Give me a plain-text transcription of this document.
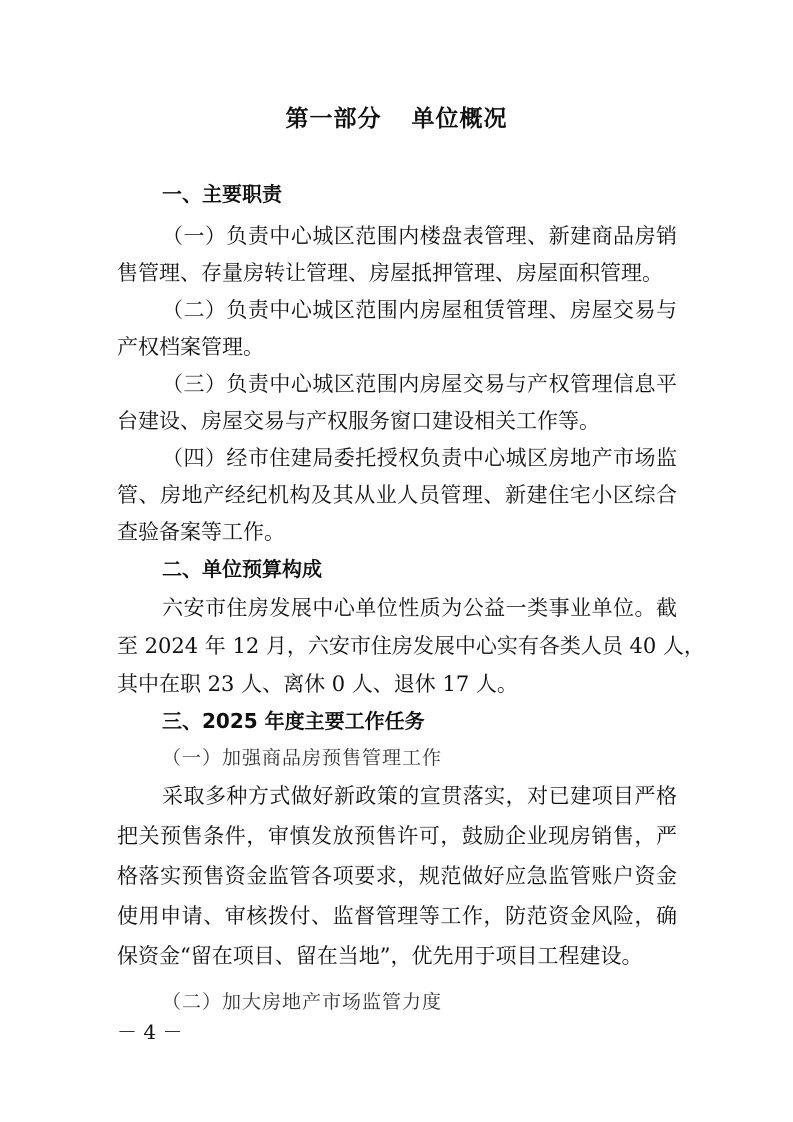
第一部分 单位概况
一、主要职责
（一）负责中心城区范围内楼盘表管理、新建商品房销
售管理、存量房转让管理、房屋抵押管理、房屋面积管理。
（二）负责中心城区范围内房屋租赁管理、房屋交易与
产权档案管理。
（三）负责中心城区范围内房屋交易与产权管理信息平
台建设、房屋交易与产权服务窗口建设相关工作等。
（四）经市住建局委托授权负责中心城区房地产市场监
管、房地产经纪机构及其从业人员管理、新建住宅小区综合
查验备案等工作。
二、单位预算构成
六安市住房发展中心单位性质为公益一类事业单位。截
至 2024 年 12 月，六安市住房发展中心实有各类人员 40 人，
其中在职 23 人、离休 0 人、退休 17 人。
三、2025 年度主要工作任务
（一）加强商品房预售管理工作
采取多种方式做好新政策的宣贯落实，对已建项目严格
把关预售条件，审慎发放预售许可，鼓励企业现房销售，严
格落实预售资金监管各项要求，规范做好应急监管账户资金
使用申请、审核拨付、监督管理等工作，防范资金风险，确
保资金“留在项目、留在当地”，优先用于项目工程建设。
（二）加大房地产市场监管力度
－ 4 －
